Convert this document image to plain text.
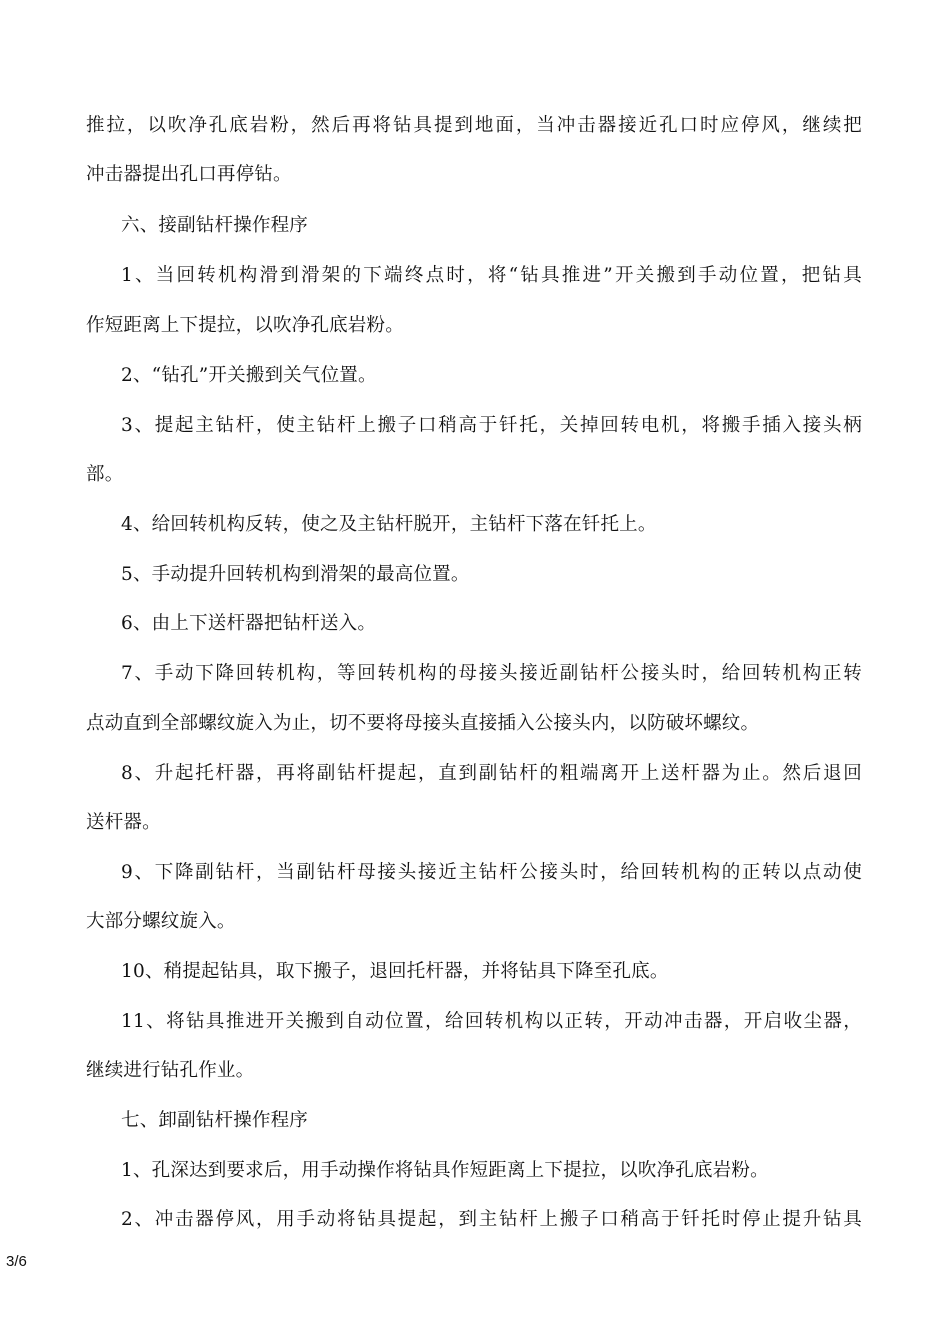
推拉，以吹净孔底岩粉，然后再将钻具提到地面，当冲击器接近孔口时应停风，继续把
冲击器提出孔口再停钻。
六、接副钻杆操作程序
1、当回转机构滑到滑架的下端终点时，将“钻具推进”开关搬到手动位置，把钻具
作短距离上下提拉，以吹净孔底岩粉。
2、“钻孔”开关搬到关气位置。
3、提起主钻杆，使主钻杆上搬子口稍高于钎托，关掉回转电机，将搬手插入接头柄
部。
4、给回转机构反转，使之及主钻杆脱开，主钻杆下落在钎托上。
5、手动提升回转机构到滑架的最高位置。
6、由上下送杆器把钻杆送入。
7、手动下降回转机构，等回转机构的母接头接近副钻杆公接头时，给回转机构正转
点动直到全部螺纹旋入为止，切不要将母接头直接插入公接头内，以防破坏螺纹。
8、升起托杆器，再将副钻杆提起，直到副钻杆的粗端离开上送杆器为止。然后退回
送杆器。
9、下降副钻杆，当副钻杆母接头接近主钻杆公接头时，给回转机构的正转以点动使
大部分螺纹旋入。
10、稍提起钻具，取下搬子，退回托杆器，并将钻具下降至孔底。
11、将钻具推进开关搬到自动位置，给回转机构以正转，开动冲击器，开启收尘器，
继续进行钻孔作业。
七、卸副钻杆操作程序
1、孔深达到要求后，用手动操作将钻具作短距离上下提拉，以吹净孔底岩粉。
2、冲击器停风，用手动将钻具提起，到主钻杆上搬子口稍高于钎托时停止提升钻具
3/6
